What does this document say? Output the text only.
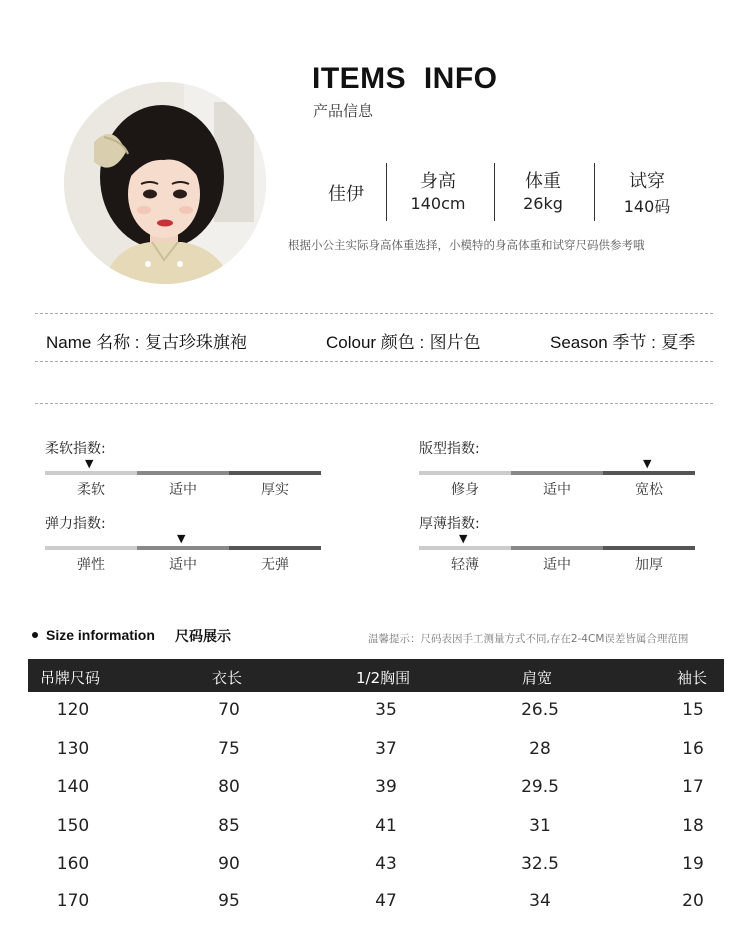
ITEMS  INFO
产品信息
佳伊
身高
140cm
体重
26kg
试穿
140码
根据小公主实际身高体重选择，小模特的身高体重和试穿尺码供参考哦
Name 名称 : 复古珍珠旗袍	Colour 颜色 : 图片色	Season 季节 : 夏季
柔软指数:
▼
柔软	适中	厚实
版型指数:
▼
修身	适中	宽松
弹力指数:
▼
弹性	适中	无弹
厚薄指数:
▼
轻薄	适中	加厚
Size information 尺码展示	温馨提示：尺码表因手工测量方式不同,存在2-4CM误差皆属合理范围
吊牌尺码	衣长	1/2胸围	肩宽	袖长
120	70	35	26.5	15
130	75	37	28	16
140	80	39	29.5	17
150	85	41	31	18
160	90	43	32.5	19
170	95	47	34	20
